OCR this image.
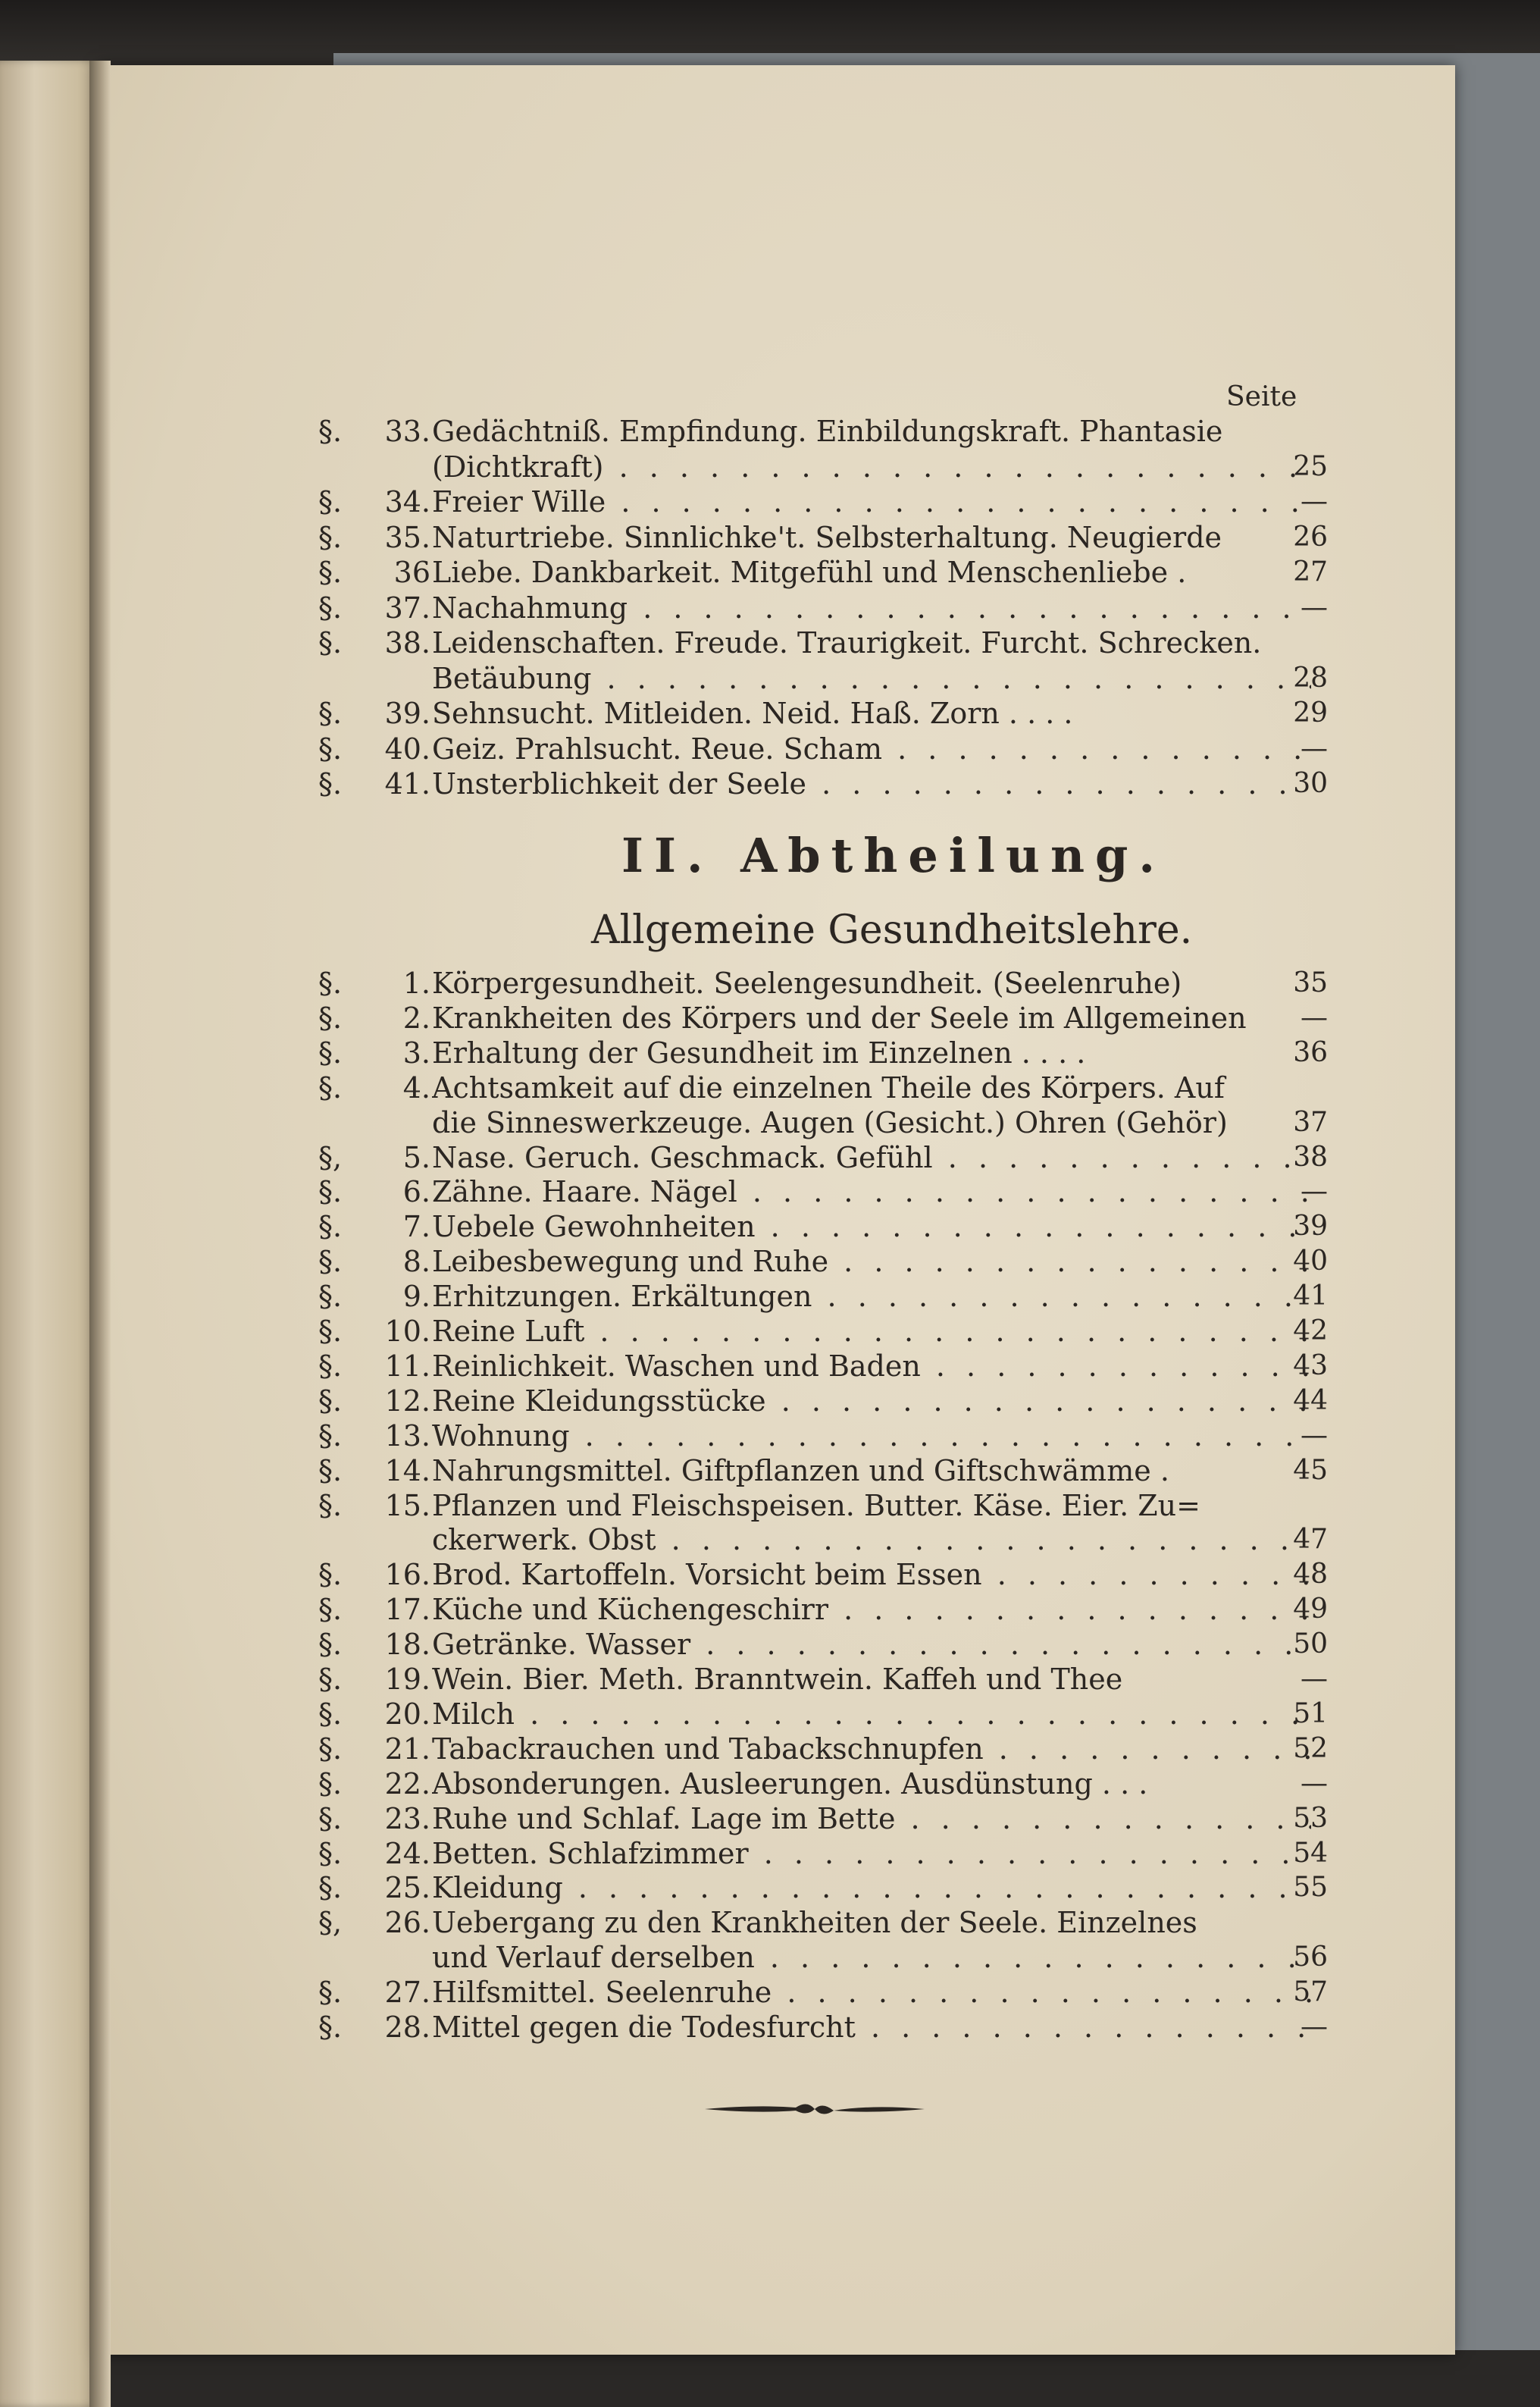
Seite
§.	33. Gedächtniß. Empfindung. Einbildungskraft. Phantasie
(Dichtkraft) . . .	25
§.	34. Freier Wille . . .	—
§.	35. Naturtriebe. Sinnlichke't. Selbsterhaltung. Neugierde	26
§.	36 Liebe. Dankbarkeit. Mitgefühl und Menschenliebe .	27
§.	37. Nachahmung . . .	—
§.	38. Leidenschaften. Freude. Traurigkeit. Furcht. Schrecken.
Betäubung . . .	28
§.	39. Sehnsucht. Mitleiden. Neid. Haß. Zorn . . . .	29
§.	40. Geiz. Prahlsucht. Reue. Scham . . .	—
§.	41. Unsterblichkeit der Seele . . .	30
II. Abtheilung.
Allgemeine Gesundheitslehre.
§.	1. Körpergesundheit. Seelengesundheit. (Seelenruhe)	35
§.	2. Krankheiten des Körpers und der Seele im Allgemeinen	—
§.	3. Erhaltung der Gesundheit im Einzelnen . . . .	36
§.	4. Achtsamkeit auf die einzelnen Theile des Körpers. Auf
die Sinneswerkzeuge. Augen (Gesicht.) Ohren (Gehör)	37
§,	5. Nase. Geruch. Geschmack. Gefühl . . .	38
§.	6. Zähne. Haare. Nägel . . .	—
§.	7. Uebele Gewohnheiten . . .	39
§.	8. Leibesbewegung und Ruhe . . .	40
§.	9. Erhitzungen. Erkältungen . . .	41
§.	10. Reine Luft . . .	42
§.	11. Reinlichkeit. Waschen und Baden . . .	43
§.	12. Reine Kleidungsstücke . . .	44
§.	13. Wohnung . . .	—
§.	14. Nahrungsmittel. Giftpflanzen und Giftschwämme .	45
§.	15. Pflanzen und Fleischspeisen. Butter. Käse. Eier. Zu=
ckerwerk. Obst . . .	47
§.	16. Brod. Kartoffeln. Vorsicht beim Essen . . .	48
§.	17. Küche und Küchengeschirr . . .	49
§.	18. Getränke. Wasser . . .	50
§.	19. Wein. Bier. Meth. Branntwein. Kaffeh und Thee	—
§.	20. Milch . . .	51
§.	21. Tabackrauchen und Tabackschnupfen . . .	52
§.	22. Absonderungen. Ausleerungen. Ausdünstung . . .	—
§.	23. Ruhe und Schlaf. Lage im Bette . . .	53
§.	24. Betten. Schlafzimmer . . .	54
§.	25. Kleidung . . .	55
§,	26. Uebergang zu den Krankheiten der Seele. Einzelnes
und Verlauf derselben . . .	56
§.	27. Hilfsmittel. Seelenruhe . . .	57
§.	28. Mittel gegen die Todesfurcht . . .	—
